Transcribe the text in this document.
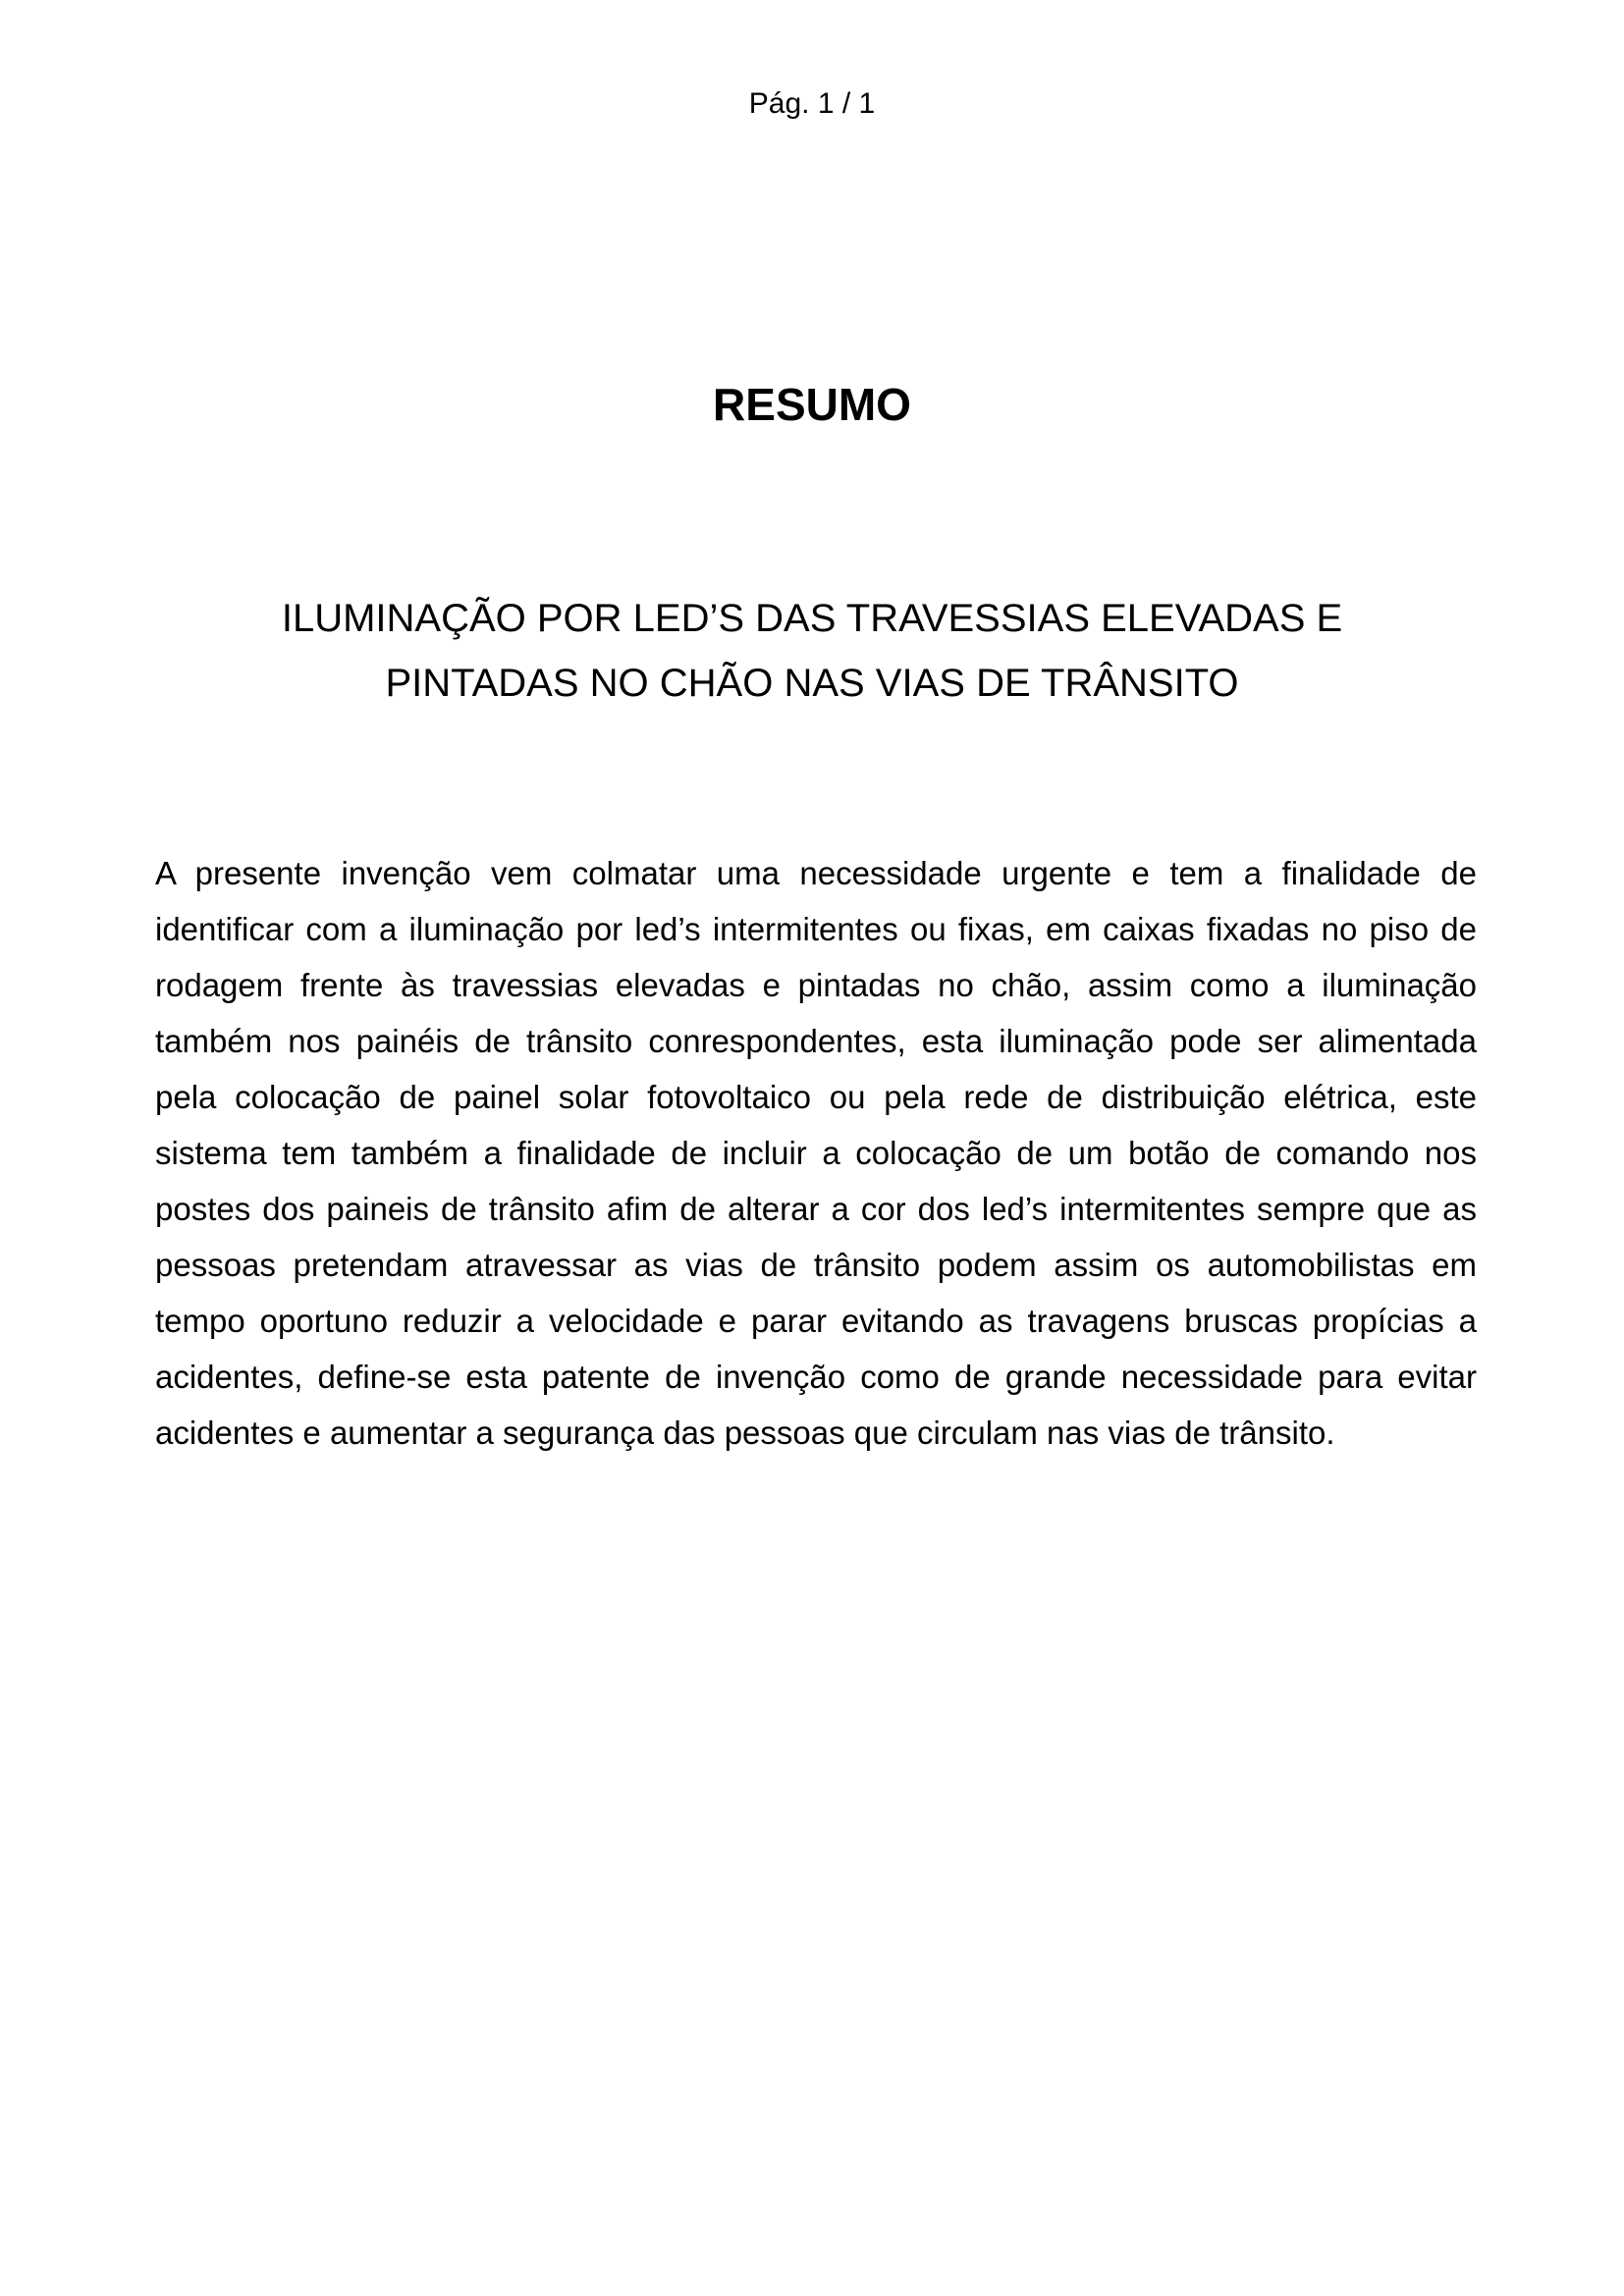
Pág. 1 / 1
RESUMO
ILUMINAÇÃO POR LED’S DAS TRAVESSIAS ELEVADAS E PINTADAS NO CHÃO NAS VIAS DE TRÂNSITO
A presente invenção vem colmatar uma necessidade urgente e tem a finalidade de identificar com a iluminação por led’s intermitentes ou fixas, em caixas fixadas no piso de rodagem frente às travessias elevadas e pintadas no chão, assim como a iluminação também nos painéis de trânsito conrespondentes, esta iluminação pode ser alimentada pela colocação de painel solar fotovoltaico ou pela rede de distribuição elétrica, este sistema tem também a finalidade de incluir a colocação de um botão de comando nos postes dos paineis de trânsito afim de alterar a cor dos led’s intermitentes sempre que as pessoas pretendam atravessar as vias de trânsito podem assim os automobilistas em tempo oportuno reduzir a velocidade e parar evitando as travagens bruscas propícias a acidentes, define-se esta patente de invenção como de grande necessidade para evitar acidentes e aumentar a segurança das pessoas que circulam nas vias de trânsito.
